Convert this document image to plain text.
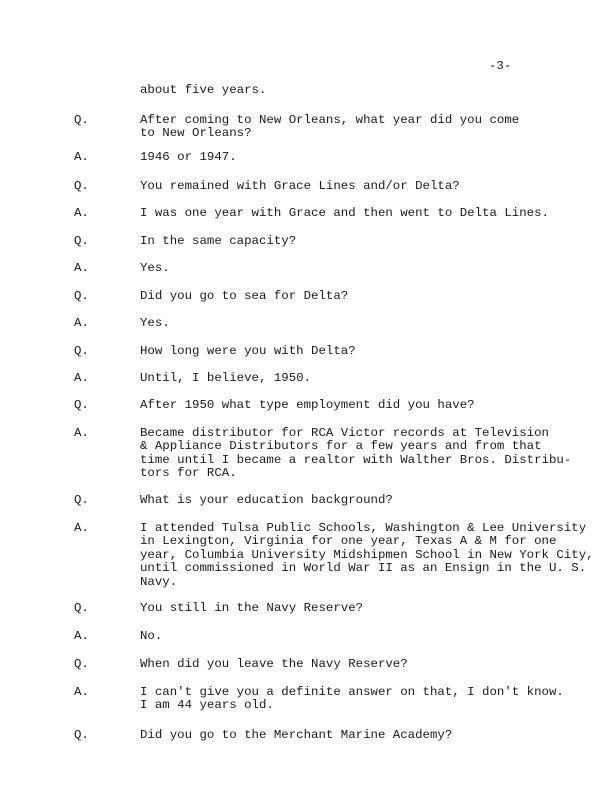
-3-
about five years.
Q.	After coming to New Orleans, what year did you come
to New Orleans?
A.	1946 or 1947.
Q.	You remained with Grace Lines and/or Delta?
A.	I was one year with Grace and then went to Delta Lines.
Q.	In the same capacity?
A.	Yes.
Q.	Did you go to sea for Delta?
A.	Yes.
Q.	How long were you with Delta?
A.	Until, I believe, 1950.
Q.	After 1950 what type employment did you have?
A.	Became distributor for RCA Victor records at Television
& Appliance Distributors for a few years and from that
time until I became a realtor with Walther Bros. Distribu-
tors for RCA.
Q.	What is your education background?
A.	I attended Tulsa Public Schools, Washington & Lee University
in Lexington, Virginia for one year, Texas A & M for one
year, Columbia University Midshipmen School in New York City,
until commissioned in World War II as an Ensign in the U. S.
Navy.
Q.	You still in the Navy Reserve?
A.	No.
Q.	When did you leave the Navy Reserve?
A.	I can't give you a definite answer on that, I don't know.
I am 44 years old.
Q.	Did you go to the Merchant Marine Academy?
